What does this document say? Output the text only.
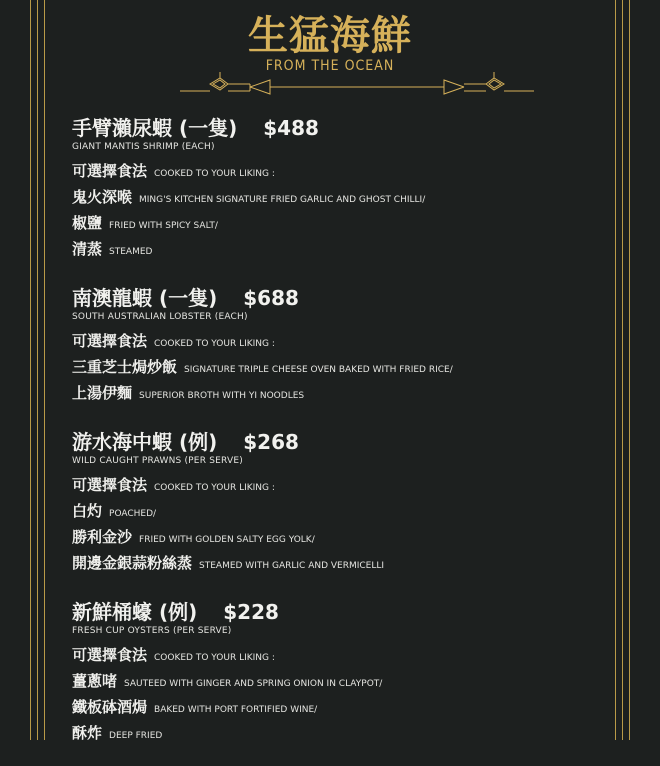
生猛海鮮
FROM THE OCEAN
手臂瀨尿蝦 (一隻) $488
GIANT MANTIS SHRIMP (EACH)
可選擇食法 COOKED TO YOUR LIKING :
鬼火深喉 MING'S KITCHEN SIGNATURE FRIED GARLIC AND GHOST CHILLI/
椒鹽 FRIED WITH SPICY SALT/
清蒸 STEAMED
南澳龍蝦 (一隻) $688
SOUTH AUSTRALIAN LOBSTER (EACH)
可選擇食法 COOKED TO YOUR LIKING :
三重芝士焗炒飯 SIGNATURE TRIPLE CHEESE OVEN BAKED WITH FRIED RICE/
上湯伊麵 SUPERIOR BROTH WITH YI NOODLES
游水海中蝦 (例) $268
WILD CAUGHT PRAWNS (PER SERVE)
可選擇食法 COOKED TO YOUR LIKING :
白灼 POACHED/
勝利金沙 FRIED WITH GOLDEN SALTY EGG YOLK/
開邊金銀蒜粉絲蒸 STEAMED WITH GARLIC AND VERMICELLI
新鮮桶蠔 (例) $228
FRESH CUP OYSTERS (PER SERVE)
可選擇食法 COOKED TO YOUR LIKING :
薑蔥啫 SAUTEED WITH GINGER AND SPRING ONION IN CLAYPOT/
鐵板砵酒焗 BAKED WITH PORT FORTIFIED WINE/
酥炸 DEEP FRIED
